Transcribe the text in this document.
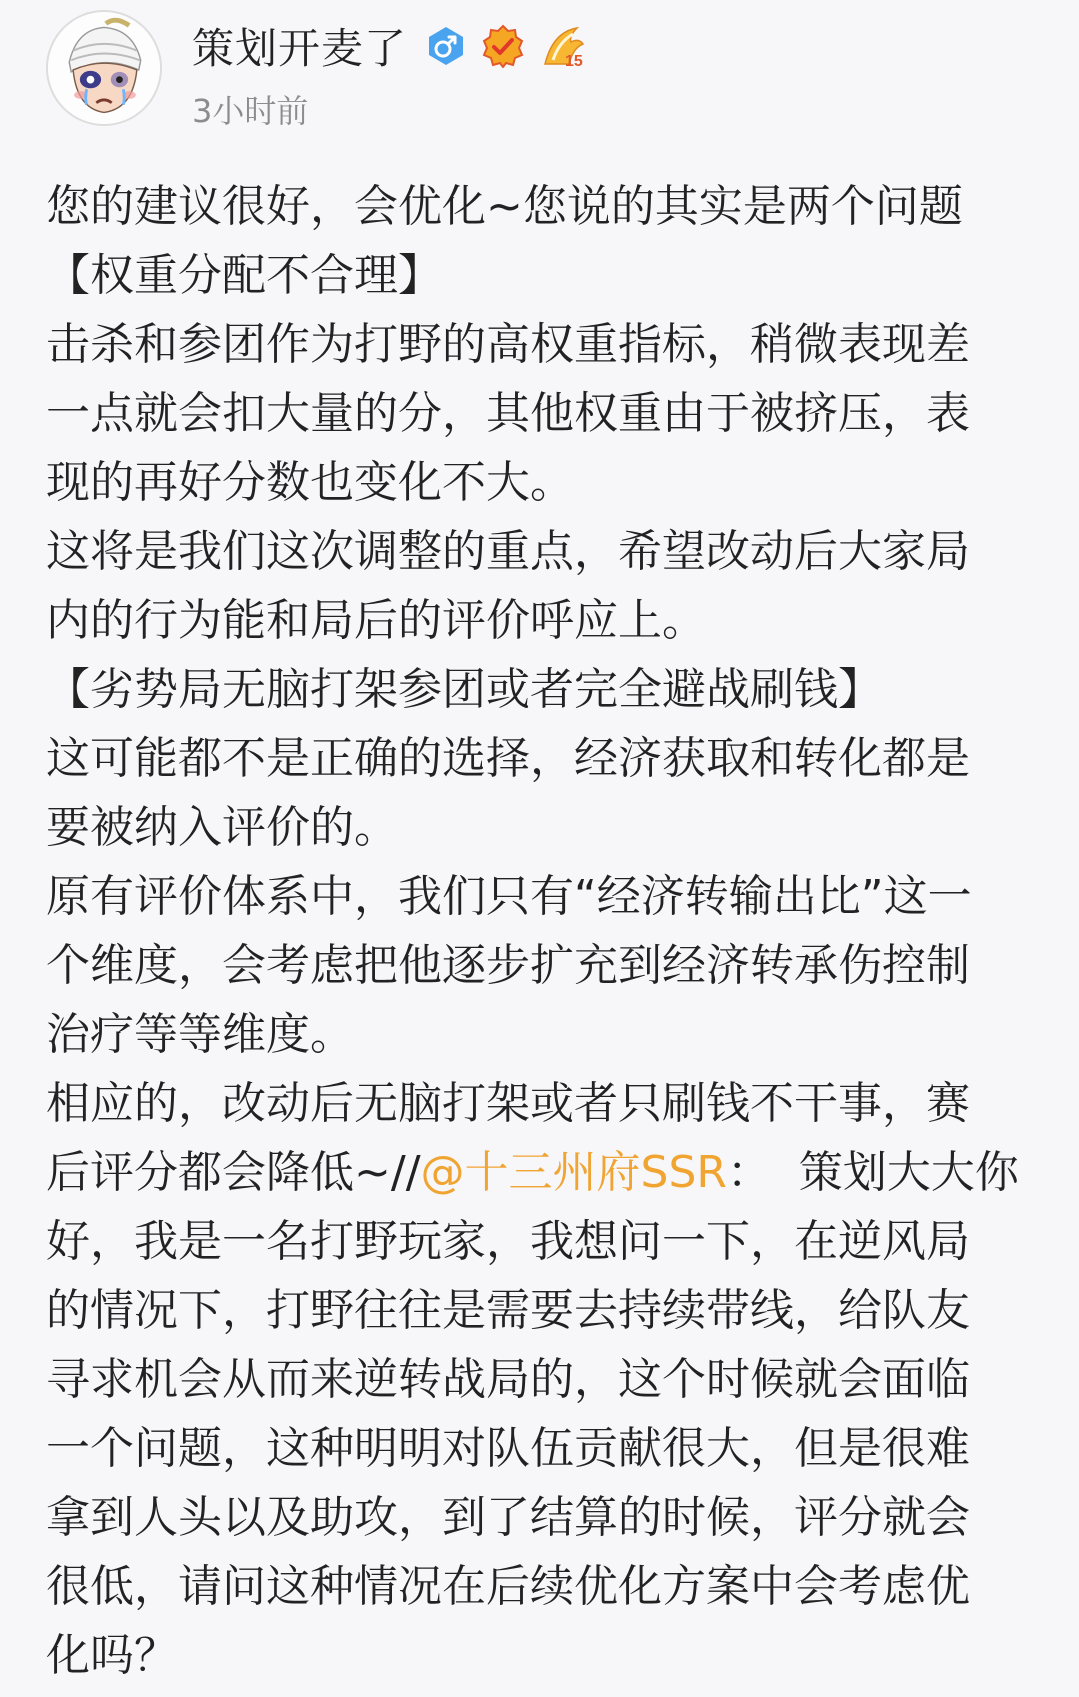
策划开麦了	15
3小时前

您的建议很好，会优化~您说的其实是两个问题

【权重分配不合理】

击杀和参团作为打野的高权重指标，稍微表现差

一点就会扣大量的分，其他权重由于被挤压，表

现的再好分数也变化不大。

这将是我们这次调整的重点，希望改动后大家局

内的行为能和局后的评价呼应上。

【劣势局无脑打架参团或者完全避战刷钱】

这可能都不是正确的选择，经济获取和转化都是

要被纳入评价的。

原有评价体系中，我们只有“经济转输出比”这一

个维度，会考虑把他逐步扩充到经济转承伤控制

治疗等等维度。

相应的，改动后无脑打架或者只刷钱不干事，赛

后评分都会降低~//@十三州府SSR：  策划大大你

好，我是一名打野玩家，我想问一下，在逆风局

的情况下，打野往往是需要去持续带线，给队友

寻求机会从而来逆转战局的，这个时候就会面临

一个问题，这种明明对队伍贡献很大，但是很难

拿到人头以及助攻，到了结算的时候，评分就会

很低，请问这种情况在后续优化方案中会考虑优

化吗？
